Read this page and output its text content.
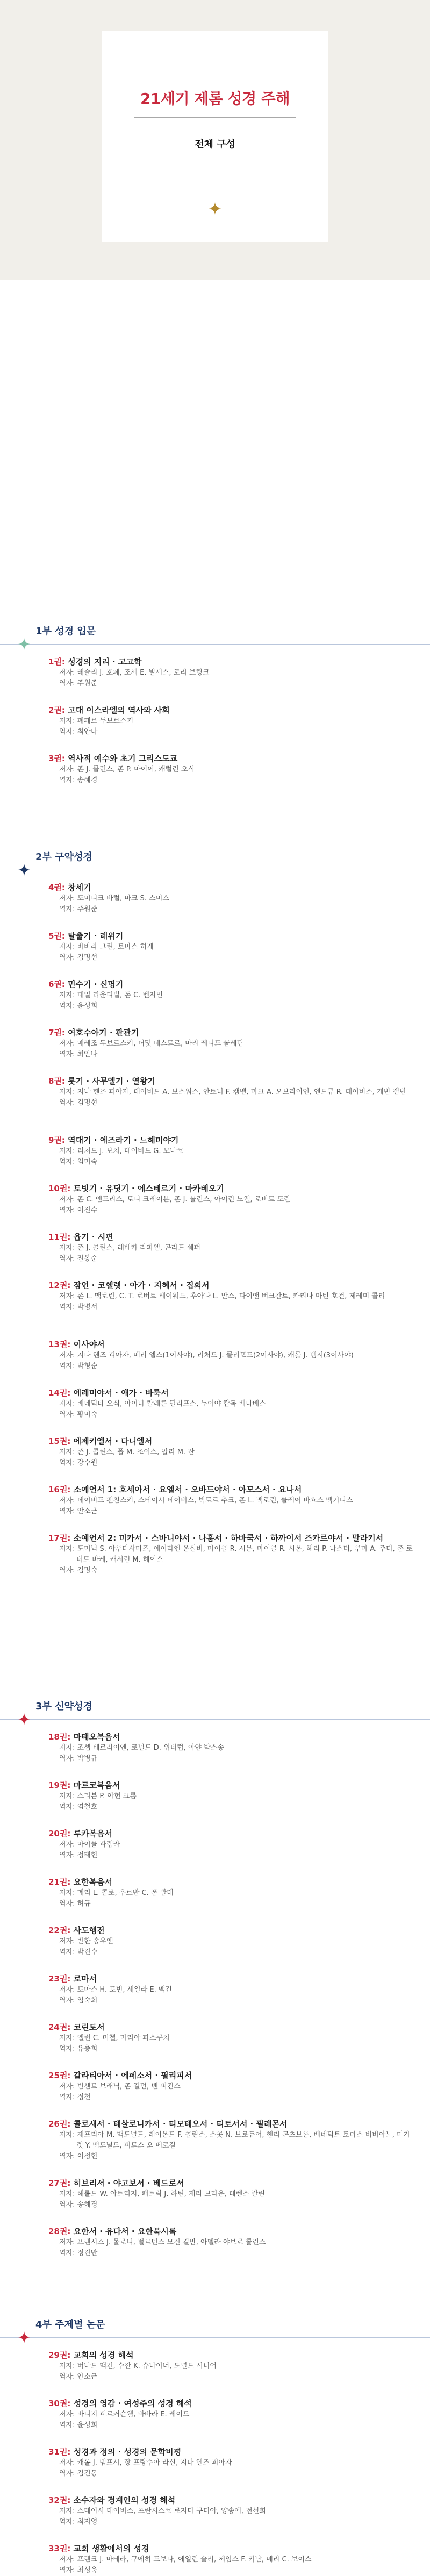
21세기 제롬 성경 주해
전체 구성
1부 성경 입문
1권: 성경의 지리 · 고고학
저자: 레슬리 J. 호페, 조세 E. 빌세스, 로리 브링크
역자: 주원준
2권: 고대 이스라엘의 역사와 사회
저자: 폐페르 두보르스키
역자: 최안나
3권: 역사적 예수와 초기 그리스도교
저자: 존 J. 콜린스, 존 P. 마이어, 캐럴린 오식
역자: 송혜경
2부 구약성경
4권: 창세기
저자: 도미니크 바럴, 마크 S. 스미스
역자: 주원준
5권: 탈출기 · 레위기
저자: 바바라 그린, 토마스 히케
역자: 김명선
6권: 민수기 · 신명기
저자: 데일 라운디빌, 돈 C. 벤자민
역자: 윤성희
7권: 여호수아기 · 판관기
저자: 메레조 두보르스키, 더몇 네스트르, 마리 레니드 콜레딘
역자: 최안나
8권: 룻기 · 사무엘기 · 열왕기
저자: 지나 헨즈 피아자, 데이비드 A. 보스워스, 안토니 F. 캠벨, 마크 A. 오브라이언, 엔드류 R. 데이비스, 개빈 갤빈
역자: 김명선
9권: 역대기 · 에즈라기 · 느헤미야기
저자: 리처드 J. 보치, 데이비드 G. 모나코
역자: 임미숙
10권: 토빗기 · 유딧기 · 에스테르기 · 마카베오기
저자: 존 C. 엔드리스, 토니 크레이븐, 존 J. 콜린스, 아이린 노웰, 로버트 도란
역자: 이진수
11권: 욥기 · 시편
저자: 존 J. 콜린스, 레베카 라파엘, 콘라드 쉐퍼
역자: 전봉순
12권: 잠언 · 코헬렛 · 아가 · 지혜서 · 집회서
저자: 존 L. 맥로린, C. T. 로버트 헤이워드, 후아나 L. 만스, 다이앤 버크간트, 카리나 마틴 호건, 제레미 콜리
역자: 박병서
13권: 이사야서
저자: 지나 헨즈 피아자, 메리 엘스(1이사야), 리처드 J. 클리포드(2이사야), 캐롤 J. 뎀시(3이사야)
역자: 박형순
14권: 예레미야서 · 애가 · 바룩서
저자: 베네딕타 요식, 아이다 칼레른 필리프스, 누이야 캅독 베나베스
역자: 황미숙
15권: 에제키엘서 · 다니엘서
저자: 존 J. 콜린스, 폴 M. 조이스, 팔리 M. 잔
역자: 강수원
16권: 소예언서 1: 호세아서 · 요엘서 · 오바드야서 · 아모스서 · 요나서
저자: 데이비드 펜친스키, 스테이시 데이비스, 빅토르 추크, 존 L. 맥로린, 클레어 바흐스 맥기니스
역자: 안소근
17권: 소예언서 2: 미카서 · 스바니야서 · 나훔서 · 하바쿡서 · 하까이서 즈카르야서 · 말라키서
저자: 도미닉 S. 아루다사마즈, 에이라엔 온실비, 마이클 R. 시몬, 마이클 R. 시몬, 헤리 P. 나스터, 루마 A. 주디, 존 로버트 바케, 캐서린 M. 헤이스
역자: 김명숙
3부 신약성경
18권: 마태오복음서
저자: 조셉 베르라이엔, 로널드 D. 위터럽, 아얀 박스송
역자: 박병규
19권: 마르코복음서
저자: 스티븐 P. 아헌 크롬
역자: 염철호
20권: 루카복음서
저자: 마이클 파렘라
역자: 정태현
21권: 요한복음서
저자: 메리 L. 콜로, 우르반 C. 폰 발데
역자: 허규
22권: 사도행전
저자: 반한 송우엔
역자: 박진수
23권: 로마서
저자: 토마스 H. 토빈, 세일라 E. 맥긴
역자: 임숙희
24권: 코린토서
저자: 앨런 C. 미첼, 마리아 파스쿠치
역자: 유충희
25권: 갈라티아서 · 에페소서 · 필리피서
저자: 빈센트 브래닉, 존 길먼, 밴 퍼킨스
역자: 정천
26권: 콜로새서 · 테살로니카서 · 티모테오서 · 티토서서 · 필레몬서
저자: 제프리아 M. 맥도널드, 레이몬드 F. 콜린스, 스콧 N. 브로듀어, 헨리 콘츠브론, 베네딕트 토마스 비비아노, 마가렛 Y. 맥도널드, 퍼트스 오 베로길
역자: 이정현
27권: 히브리서 · 야고보서 · 베드로서
저자: 해롤드 W. 아트리지, 패트릭 J. 하틴, 제리 브라운, 테렌스 칼린
역자: 송혜경
28권: 요한서 · 유다서 · 요한묵시록
저자: 프랜시스 J. 몰로니, 펄르틴스 모건 길만, 아델라 야브로 콜린스
역자: 정진만
4부 주제별 논문
29권: 교회의 성경 해석
저자: 버나드 맥긴, 수잔 K. 슈나이너, 도널드 시니어
역자: 안소근
30권: 성경의 영감 · 여성주의 성경 해석
저자: 바니지 퍼르커슨웰, 바바라 E. 레이드
역자: 윤성희
31권: 성경과 정의 · 성경의 문학비평
저자: 캐롤 J. 뎀프시, 장 프랑수아 라신, 지나 헨즈 피아자
역자: 김건동
32권: 소수자와 경계인의 성경 해석
저자: 스테이시 데이비스, 프란시스코 로자다 구디아, 양송에, 전선희
역자: 최지영
33권: 교회 생활에서의 성경
저자: 프랜크 J. 마테라, 구에히 드보나, 에일린 술리, 제임스 F. 키난, 메리 C. 보이스
역자: 최성욱
